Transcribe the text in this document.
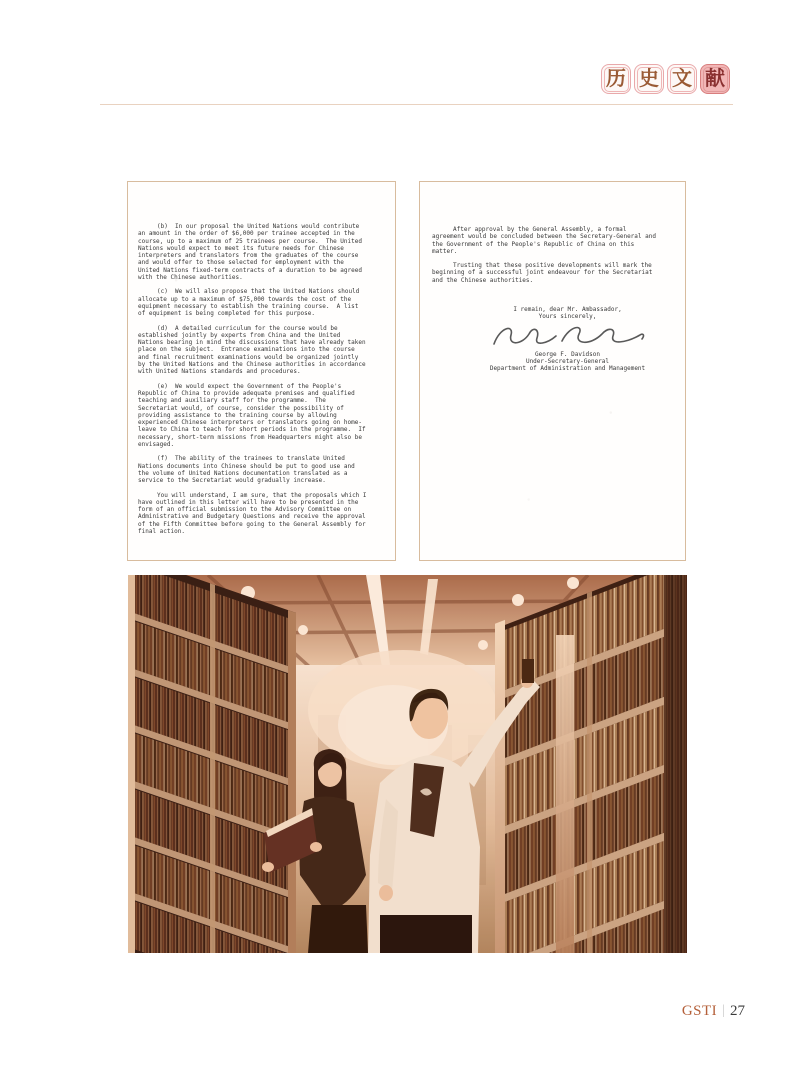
历 史 文 献

(b)  In our proposal the United Nations would contribute an amount in the order of $6,000 per trainee accepted in the course, up to a maximum of 25 trainees per course.  The United Nations would expect to meet its future needs for Chinese interpreters and translators from the graduates of the course and would offer to those selected for employment with the United Nations fixed-term contracts of a duration to be agreed with the Chinese authorities.

(c)  We will also propose that the United Nations should allocate up to a maximum of $75,000 towards the cost of the equipment necessary to establish the training course.  A list of equipment is being completed for this purpose.

(d)  A detailed curriculum for the course would be established jointly by experts from China and the United Nations bearing in mind the discussions that have already taken place on the subject.  Entrance examinations into the course and final recruitment examinations would be organized jointly by the United Nations and the Chinese authorities in accordance with United Nations standards and procedures.

(e)  We would expect the Government of the People's Republic of China to provide adequate premises and qualified teaching and auxiliary staff for the programme.  The Secretariat would, of course, consider the possibility of providing assistance to the training course by allowing experienced Chinese interpreters or translators going on home-leave to China to teach for short periods in the programme.  If necessary, short-term missions from Headquarters might also be envisaged.

(f)  The ability of the trainees to translate United Nations documents into Chinese should be put to good use and the volume of United Nations documentation translated as a service to the Secretariat would gradually increase.

You will understand, I am sure, that the proposals which I have outlined in this letter will have to be presented in the form of an official submission to the Advisory Committee on Administrative and Budgetary Questions and receive the approval of the Fifth Committee before going to the General Assembly for final action.

After approval by the General Assembly, a formal agreement would be concluded between the Secretary-General and the Government of the People's Republic of China on this matter.

Trusting that these positive developments will mark the beginning of a successful joint endeavour for the Secretariat and the Chinese authorities.

I remain, dear Mr. Ambassador,
Yours sincerely,
George F. Davidson
Under-Secretary-General
Department of Administration and Management
GSTI | 27
